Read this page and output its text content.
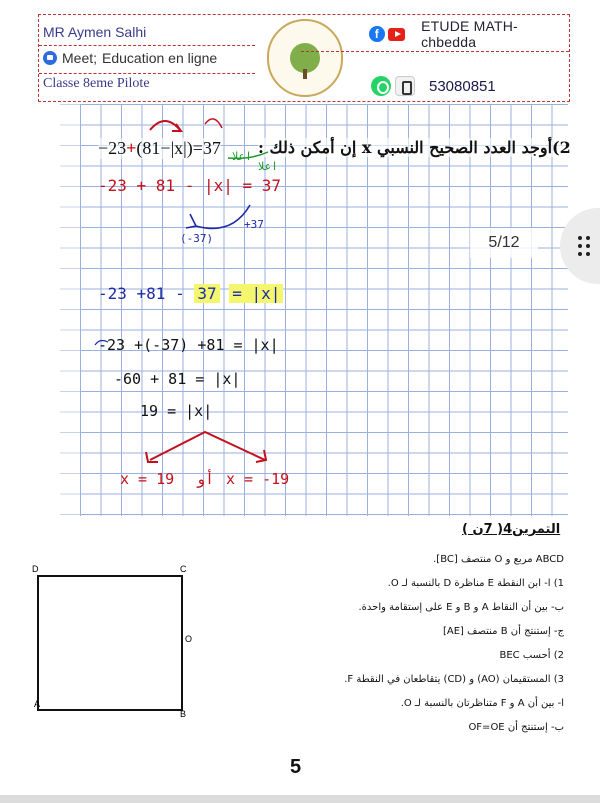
MR Aymen Salhi
Meet; Education en ligne
Classe 8eme Pilote
f	ETUDE MATH-chbedda
53080851
2)أوجد العدد الصحيح النسبي x إن أمكن ذلك :
−23+(81−|x|)=37 اعلا
اعلا
-23 + 81 - |x| = 37
(-37)
+37
-23 +81 - 37 = |x|
-23 +(-37) +81 = |x|
-60 + 81 = |x|
19 = |x|
x = 19 أو x = -19
5/12
التمرين4( 7ن )
ABCD مربع و O منتصف [BC].
1) ا- ابن النقطة E مناظرة D بالنسبة لـ O.
ب- بين أن النقاط A و B و E على إستقامة واحدة.
ج- إستنتج أن B منتصف [AE]
2) أحسب BEC
3) المستقيمان (AO) و (CD) يتقاطعان في النقطة F.
ا- بين أن A و F متناظرتان بالنسبة لـ O.
ب- إستنتج أن OF=OE
D	C
O
A
B
5
